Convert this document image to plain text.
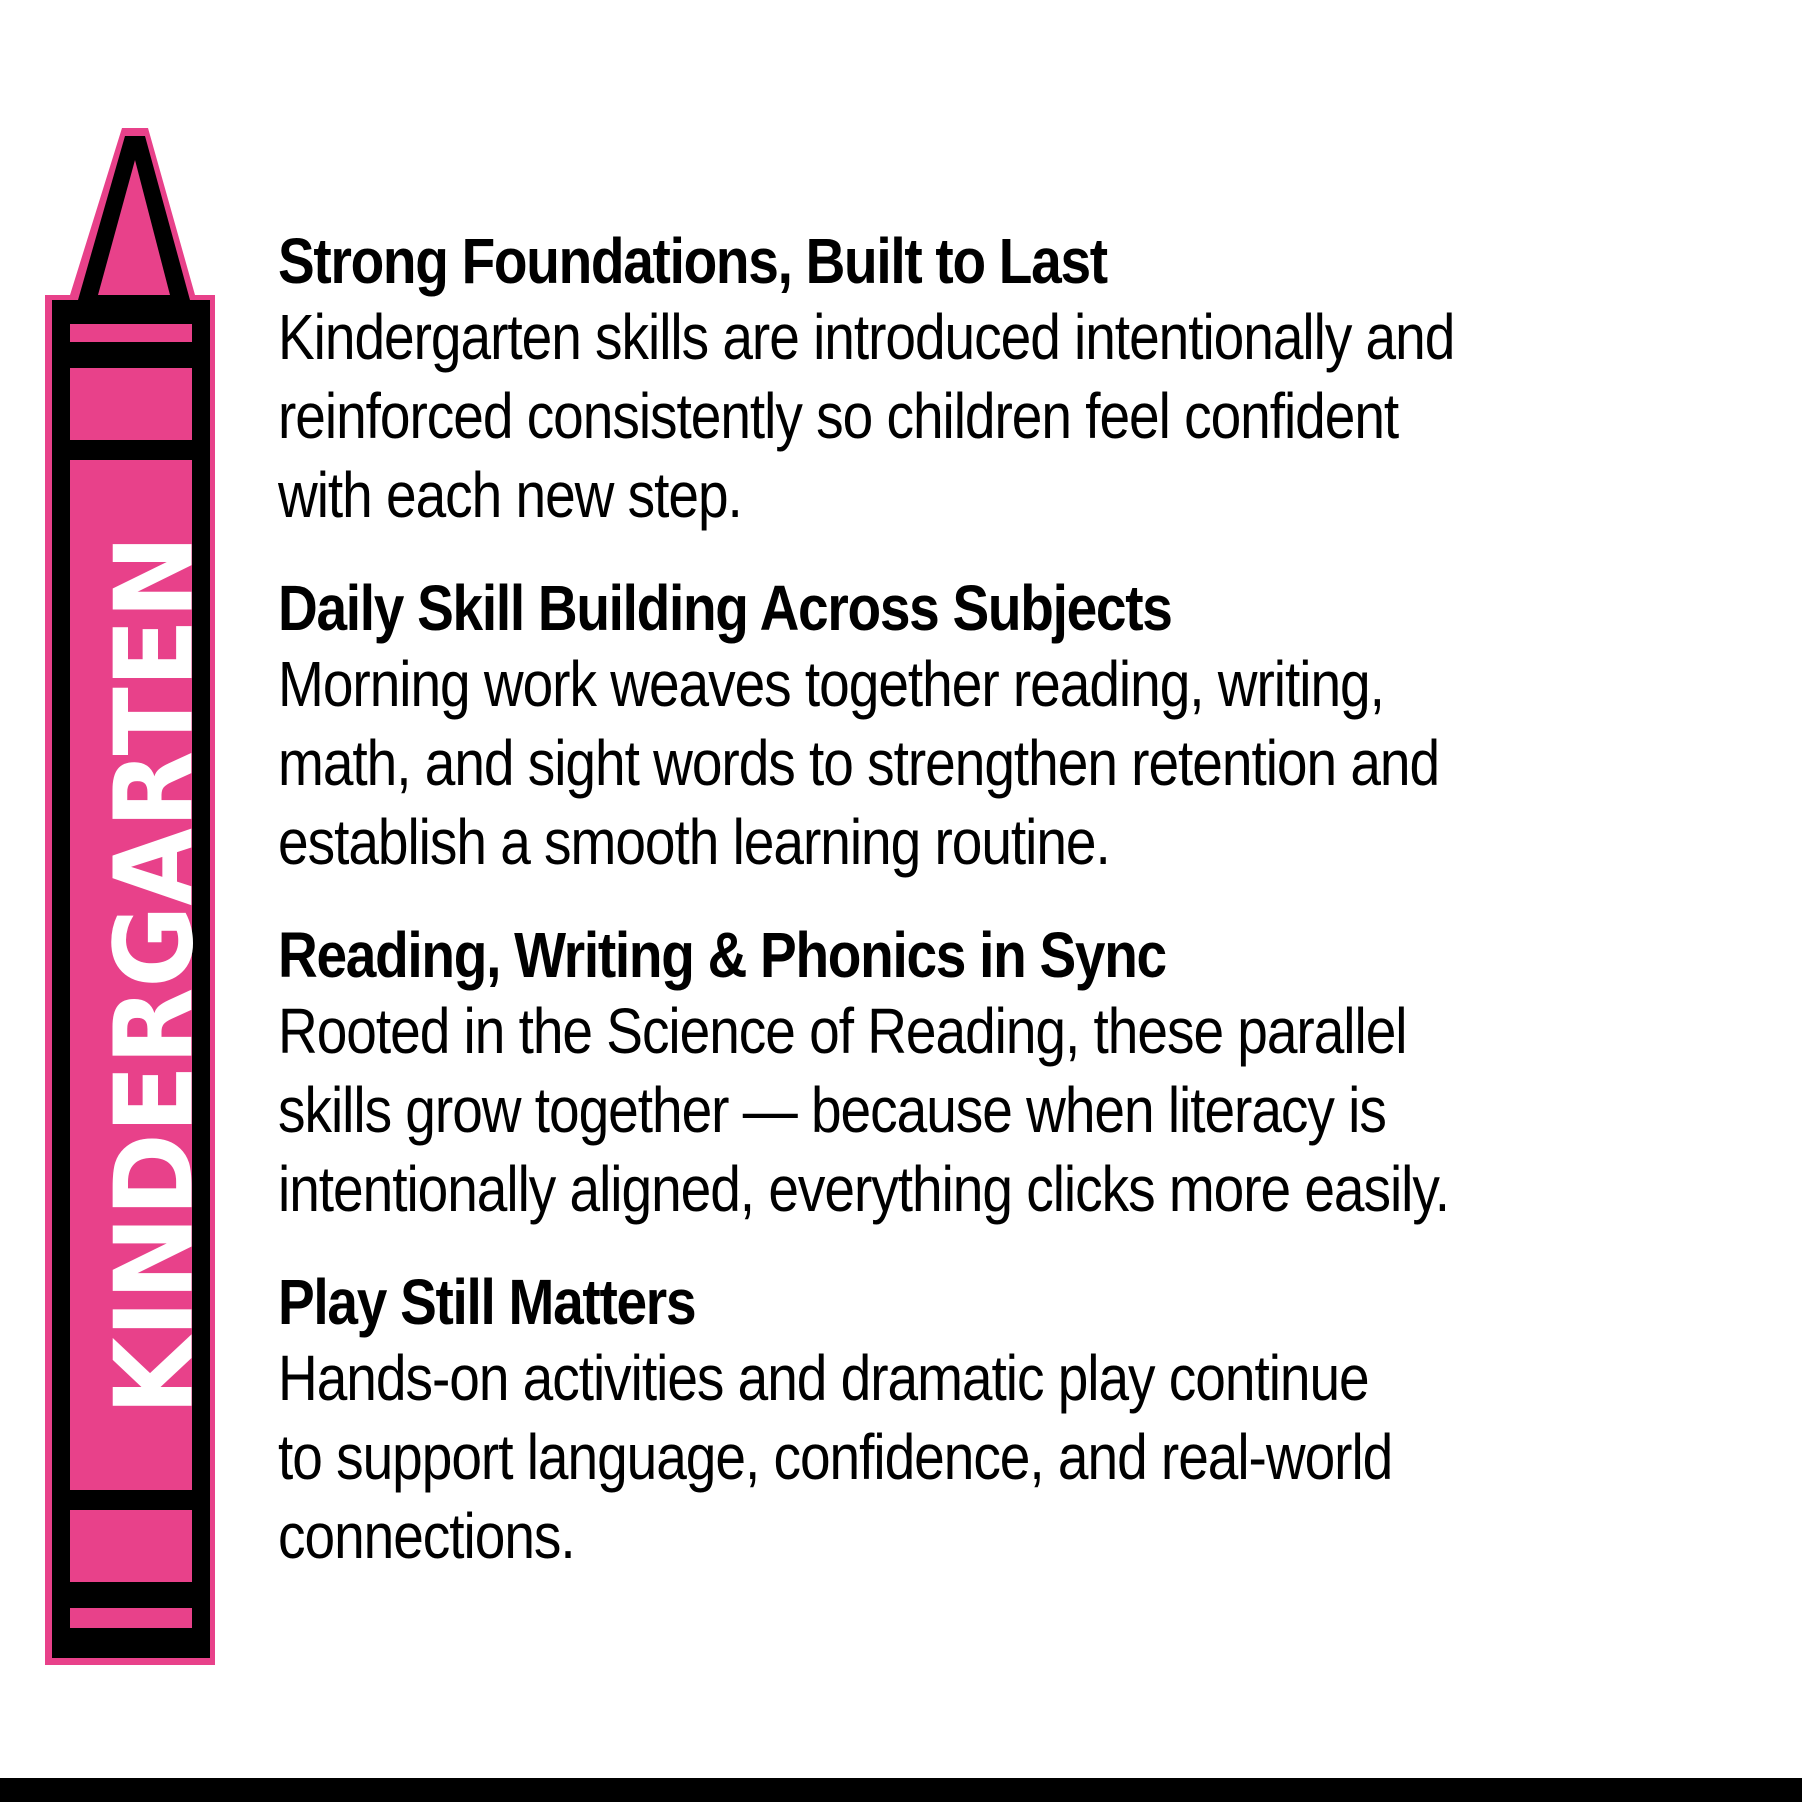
KINDERGARTEN
Strong Foundations, Built to Last
Kindergarten skills are introduced intentionally and
reinforced consistently so children feel confident
with each new step.
Daily Skill Building Across Subjects
Morning work weaves together reading, writing,
math, and sight words to strengthen retention and
establish a smooth learning routine.
Reading, Writing & Phonics in Sync
Rooted in the Science of Reading, these parallel
skills grow together — because when literacy is
intentionally aligned, everything clicks more easily.
Play Still Matters
Hands-on activities and dramatic play continue
to support language, confidence, and real-world
connections.
